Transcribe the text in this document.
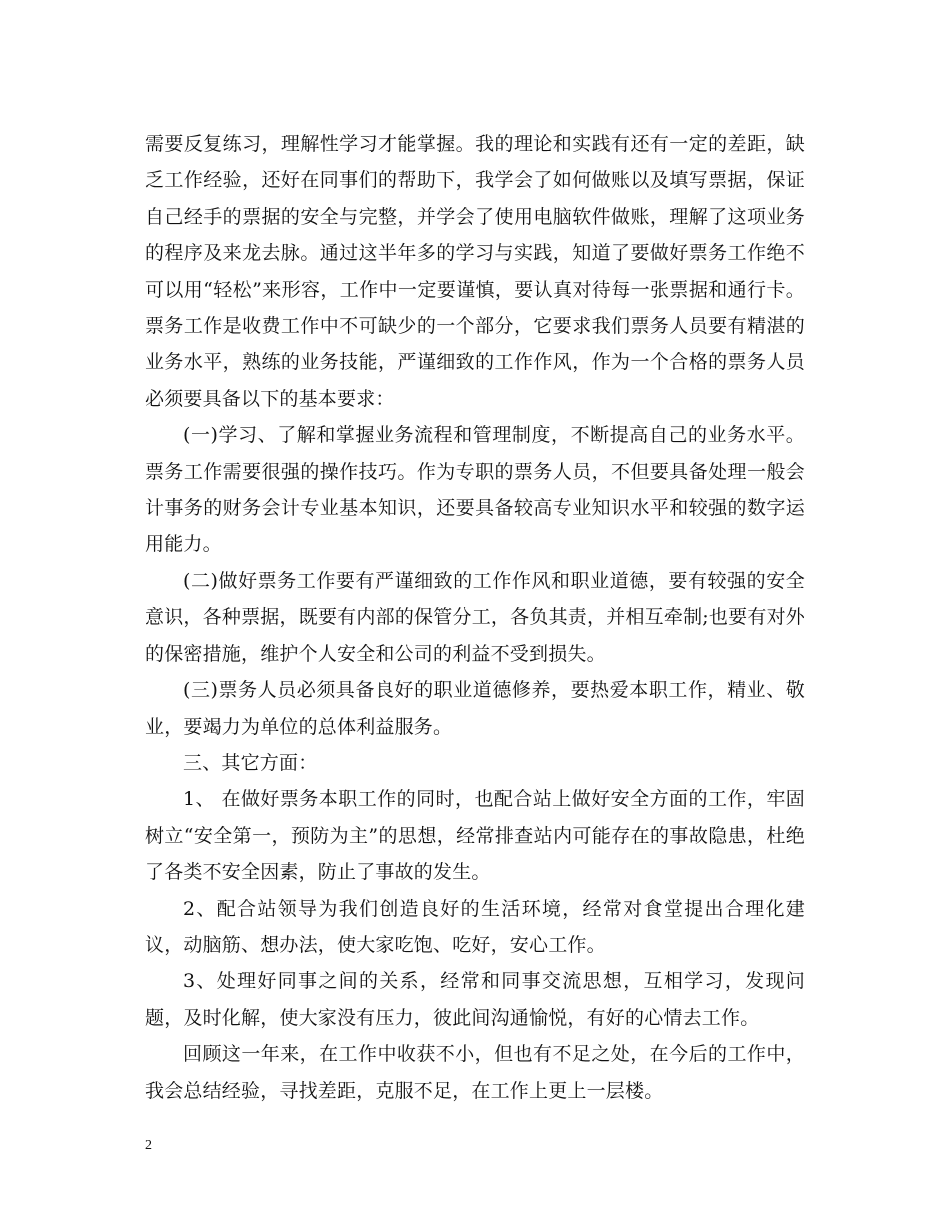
需要反复练习，理解性学习才能掌握。我的理论和实践有还有一定的差距，缺乏工作经验，还好在同事们的帮助下，我学会了如何做账以及填写票据，保证自己经手的票据的安全与完整，并学会了使用电脑软件做账，理解了这项业务的程序及来龙去脉。通过这半年多的学习与实践，知道了要做好票务工作绝不可以用“轻松”来形容，工作中一定要谨慎，要认真对待每一张票据和通行卡。票务工作是收费工作中不可缺少的一个部分，它要求我们票务人员要有精湛的业务水平，熟练的业务技能，严谨细致的工作作风，作为一个合格的票务人员必须要具备以下的基本要求：

(一)学习、了解和掌握业务流程和管理制度，不断提高自己的业务水平。票务工作需要很强的操作技巧。作为专职的票务人员，不但要具备处理一般会计事务的财务会计专业基本知识，还要具备较高专业知识水平和较强的数字运用能力。

(二)做好票务工作要有严谨细致的工作作风和职业道德，要有较强的安全意识，各种票据，既要有内部的保管分工，各负其责，并相互牵制;也要有对外的保密措施，维护个人安全和公司的利益不受到损失。

(三)票务人员必须具备良好的职业道德修养，要热爱本职工作，精业、敬业，要竭力为单位的总体利益服务。

三、其它方面：

1、 在做好票务本职工作的同时，也配合站上做好安全方面的工作，牢固树立“安全第一，预防为主”的思想，经常排查站内可能存在的事故隐患，杜绝了各类不安全因素，防止了事故的发生。

2、配合站领导为我们创造良好的生活环境，经常对食堂提出合理化建议，动脑筋、想办法，使大家吃饱、吃好，安心工作。

3、处理好同事之间的关系，经常和同事交流思想，互相学习，发现问题，及时化解，使大家没有压力，彼此间沟通愉悦，有好的心情去工作。

回顾这一年来，在工作中收获不小，但也有不足之处，在今后的工作中，我会总结经验，寻找差距，克服不足，在工作上更上一层楼。

2
